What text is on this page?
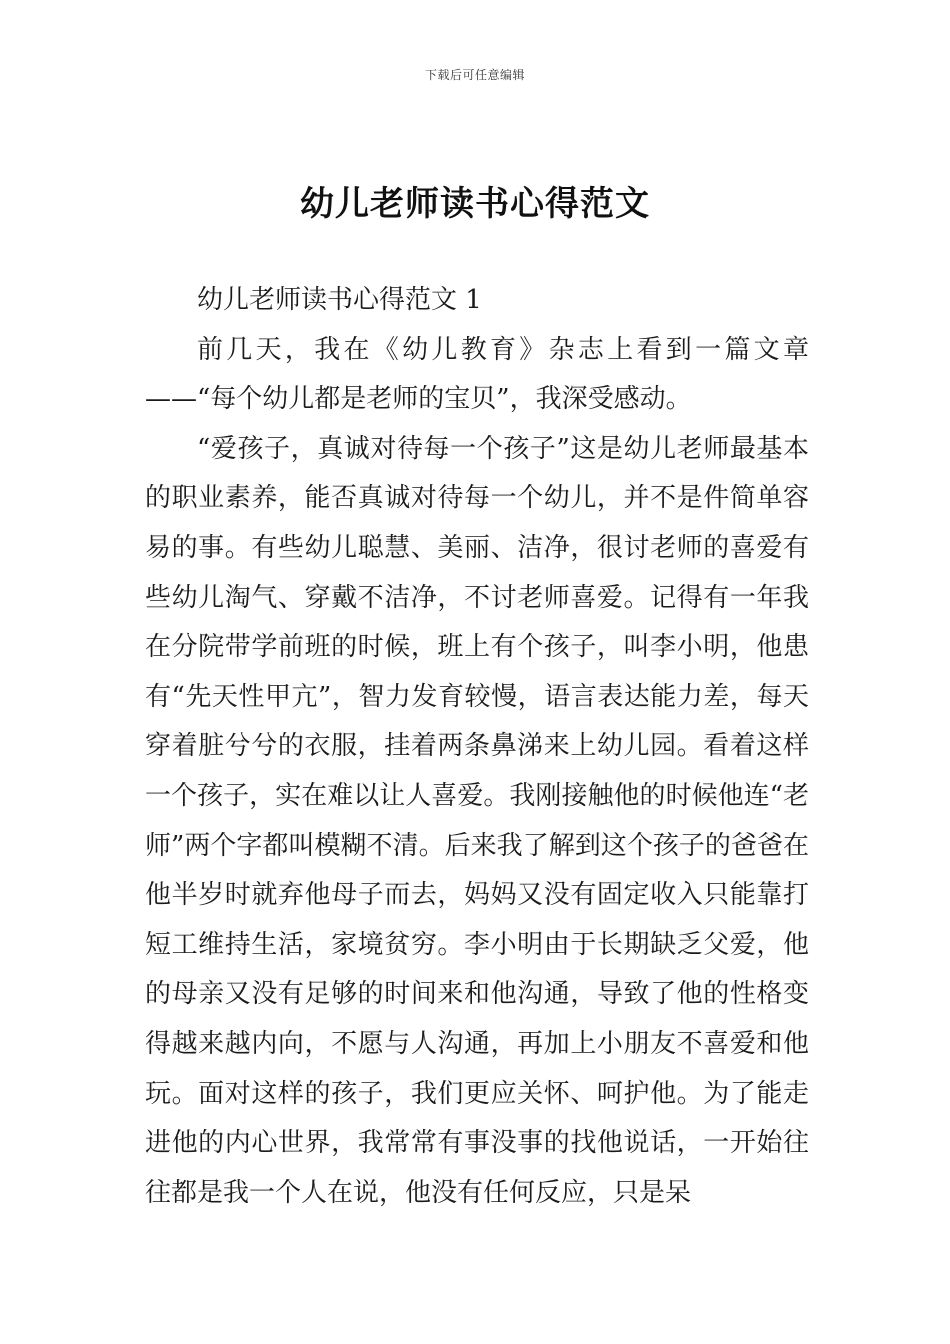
下载后可任意编辑
幼儿老师读书心得范文

幼儿老师读书心得范文 1

前几天，我在《幼儿教育》杂志上看到一篇文章——“每个幼儿都是老师的宝贝”，我深受感动。

“爱孩子，真诚对待每一个孩子”这是幼儿老师最基本的职业素养，能否真诚对待每一个幼儿，并不是件简单容易的事。有些幼儿聪慧、美丽、洁净，很讨老师的喜爱有些幼儿淘气、穿戴不洁净，不讨老师喜爱。记得有一年我在分院带学前班的时候，班上有个孩子，叫李小明，他患有“先天性甲亢”，智力发育较慢，语言表达能力差，每天穿着脏兮兮的衣服，挂着两条鼻涕来上幼儿园。看着这样一个孩子，实在难以让人喜爱。我刚接触他的时候他连“老师”两个字都叫模糊不清。后来我了解到这个孩子的爸爸在他半岁时就弃他母子而去，妈妈又没有固定收入只能靠打短工维持生活，家境贫穷。李小明由于长期缺乏父爱，他的母亲又没有足够的时间来和他沟通，导致了他的性格变得越来越内向，不愿与人沟通，再加上小朋友不喜爱和他玩。面对这样的孩子，我们更应关怀、呵护他。为了能走进他的内心世界，我常常有事没事的找他说话，一开始往往都是我一个人在说，他没有任何反应，只是呆
